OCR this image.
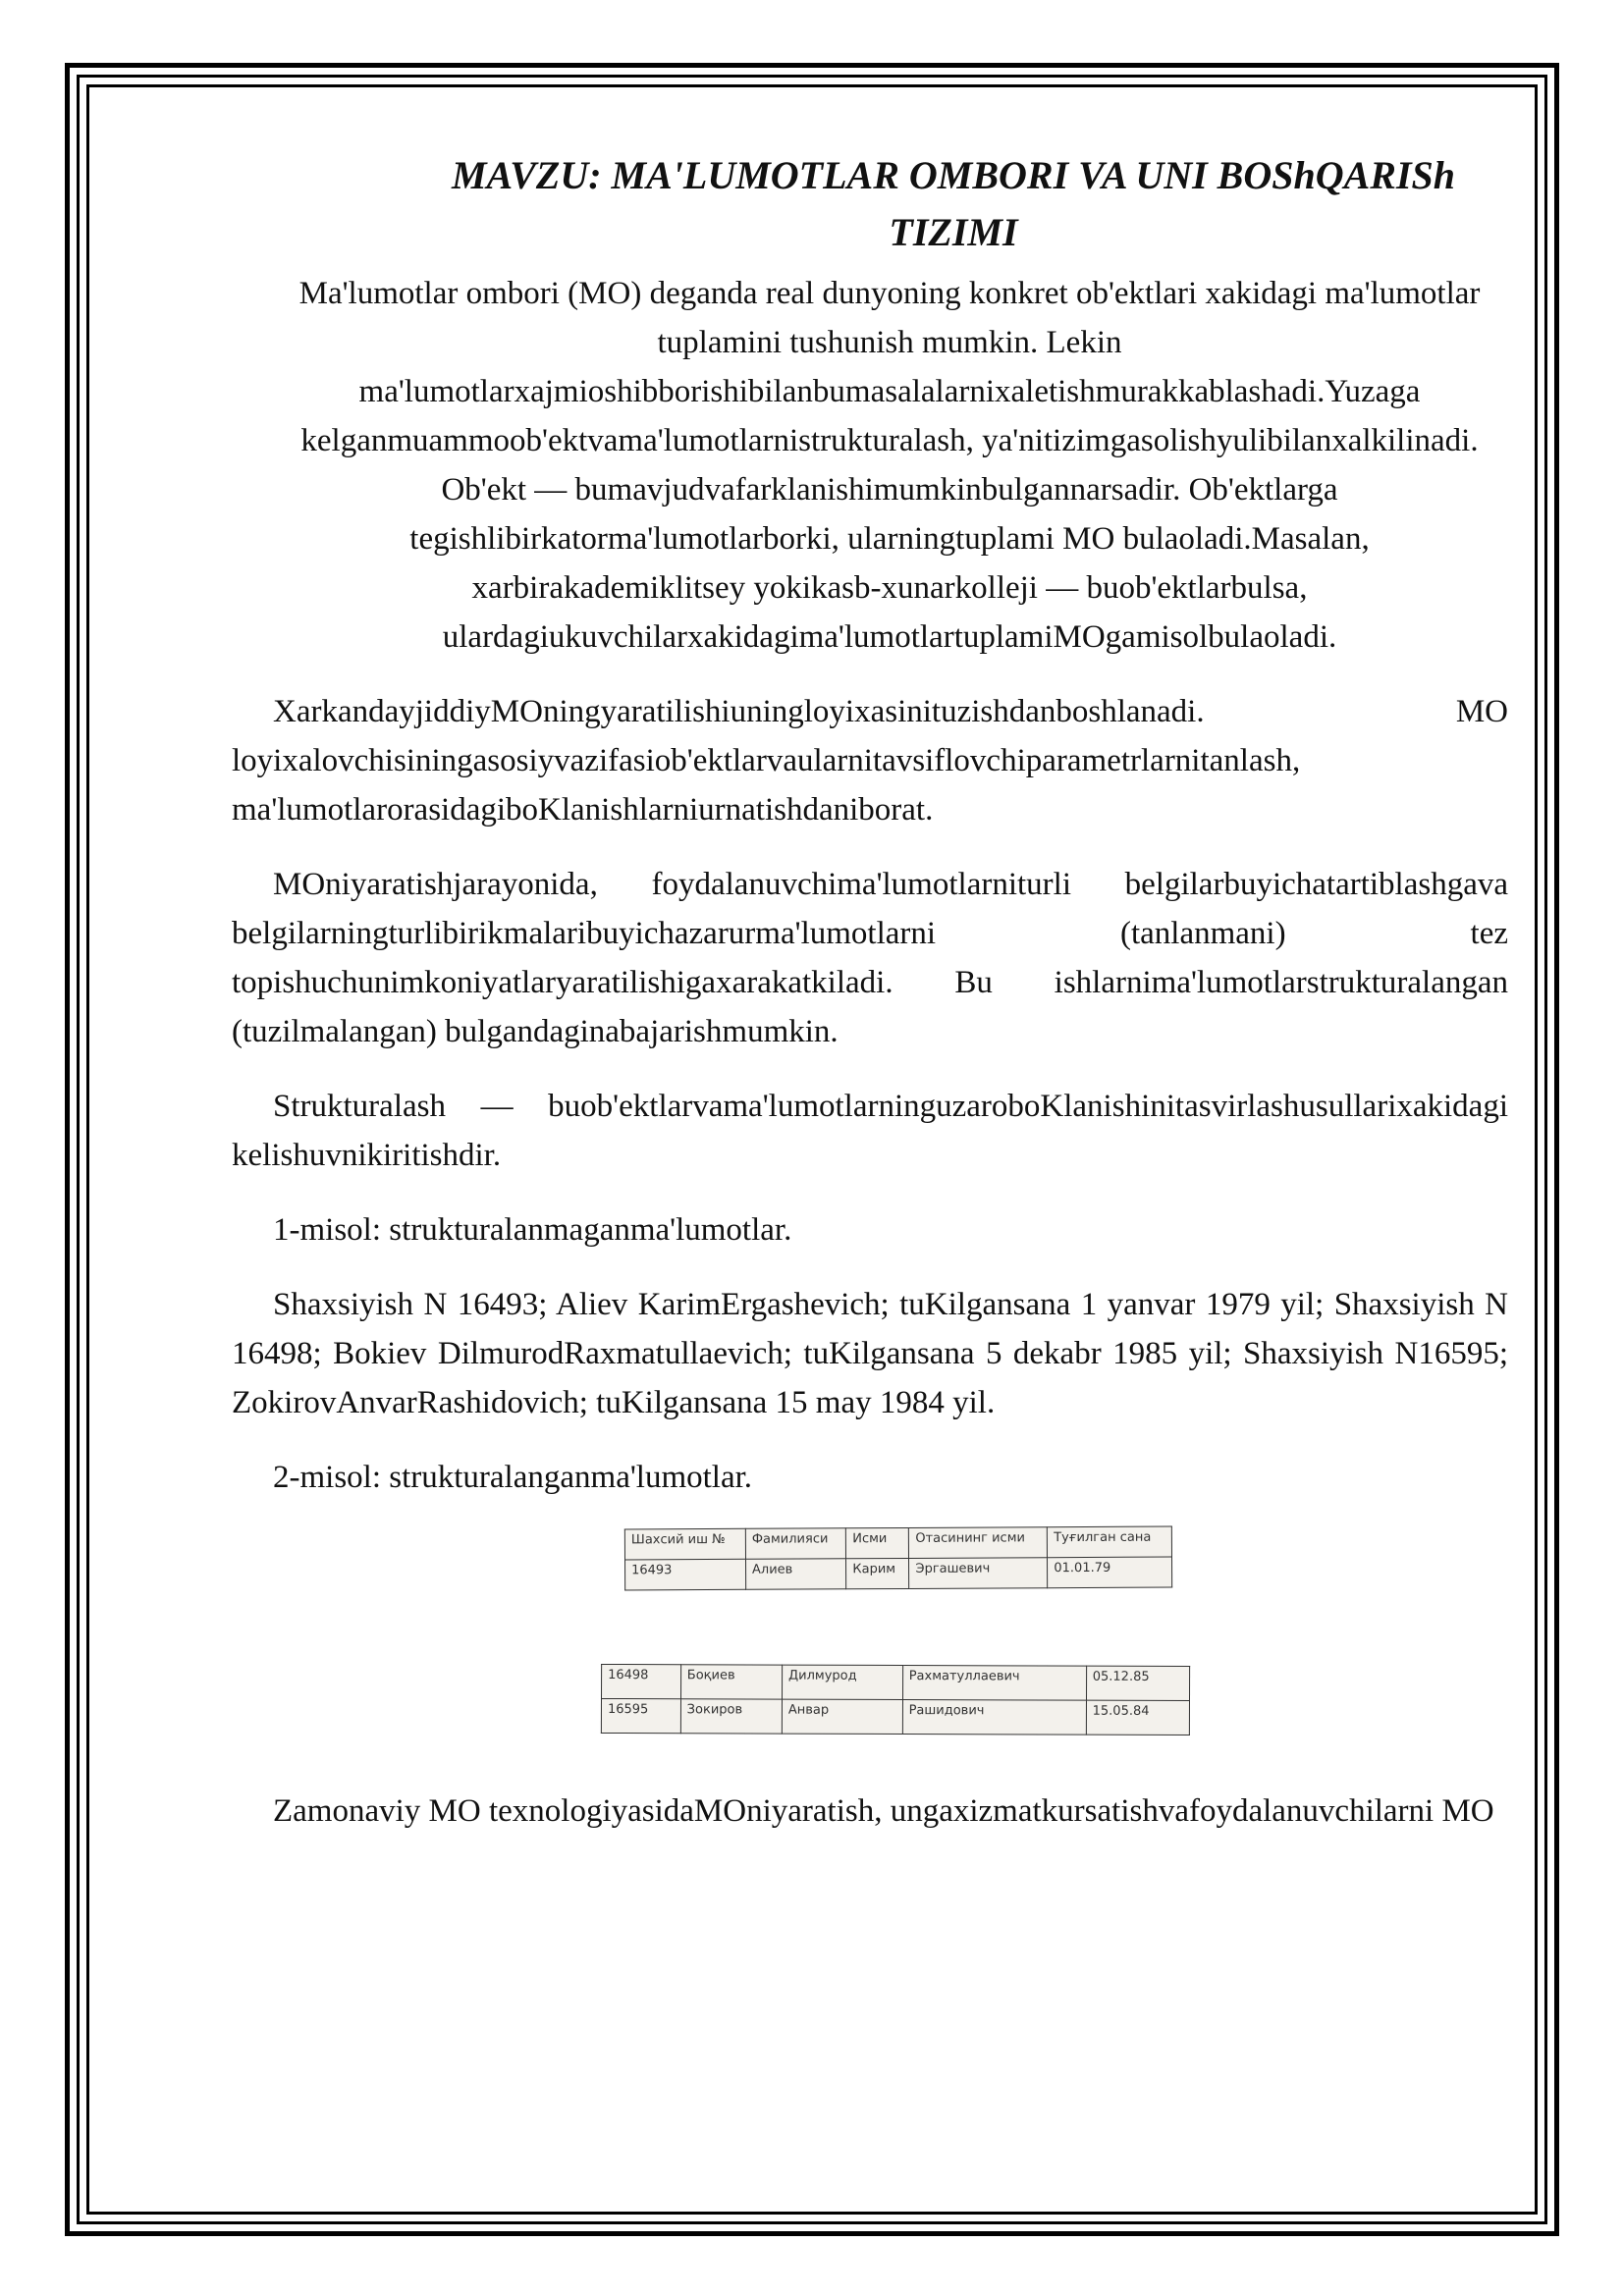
MAVZU: MA'LUMOTLAR OMBORI VA UNI BOShQARISh TIZIMI
Ma'lumotlar ombori (MO) deganda real dunyoning konkret ob'ektlari xakidagi ma'lumotlar tuplamini tushunish mumkin. Lekin ma'lumotlarxajmioshibborishibilanbumasalalarnixaletishmurakkablashadi.Yuzaga kelganmuammoob'ektvama'lumotlarnistrukturalash, ya'nitizimgasolishyulibilanxalkilinadi. Ob'ekt — bumavjudvafarklanishimumkinbulgannarsadir. Ob'ektlarga tegishlibirkatorma'lumotlarborki, ularningtuplami MO bulaoladi.Masalan, xarbirakademiklitsey yokikasb-xunarkolleji — buob'ektlarbulsa, ulardagiukuvchilarxakidagima'lumotlartuplamiMOgamisolbulaoladi.
XarkandayjiddiyMOningyaratilishiuningloyixasinituzishdanboshlanadi. MO loyixalovchisiningasosiyvazifasiob'ektlarvaularnitavsiflovchiparametrlarnitanlash, ma'lumotlarorasidagiboKlanishlarniurnatishdaniborat.
MOniyaratishjarayonida, foydalanuvchima'lumotlarniturli belgilarbuyichatartiblashgava belgilarningturlibirikmalaribuyichazarurma'lumotlarni (tanlanmani) tez topishuchunimkoniyatlaryaratilishigaxarakatkiladi. Bu ishlarnima'lumotlarstrukturalangan (tuzilmalangan) bulgandaginabajarishmumkin.
Strukturalash — buob'ektlarvama'lumotlarninguzaroboKlanishinitasvirlashusullarixakidagi kelishuvnikiritishdir.
1-misol: strukturalanmaganma'lumotlar.
Shaxsiyish N 16493; Aliev KarimErgashevich; tuKilgansana 1 yanvar 1979 yil; Shaxsiyish N 16498; Bokiev DilmurodRaxmatullaevich; tuKilgansana 5 dekabr 1985 yil; Shaxsiyish N16595; ZokirovAnvarRashidovich; tuKilgansana 15 may 1984 yil.
2-misol: strukturalanganma'lumotlar.
Шахсий иш №	Фамилияси	Исми	Отасининг исми	Туғилган сана
16493	Алиев	Карим	Эргашевич	01.01.79
16498	Боқиев	Дилмурод	Рахматуллаевич	05.12.85
16595	Зокиров	Анвар	Рашидович	15.05.84
Zamonaviy MO texnologiyasidaMOniyaratish, ungaxizmatkursatishvafoydalanuvchilarni MO
